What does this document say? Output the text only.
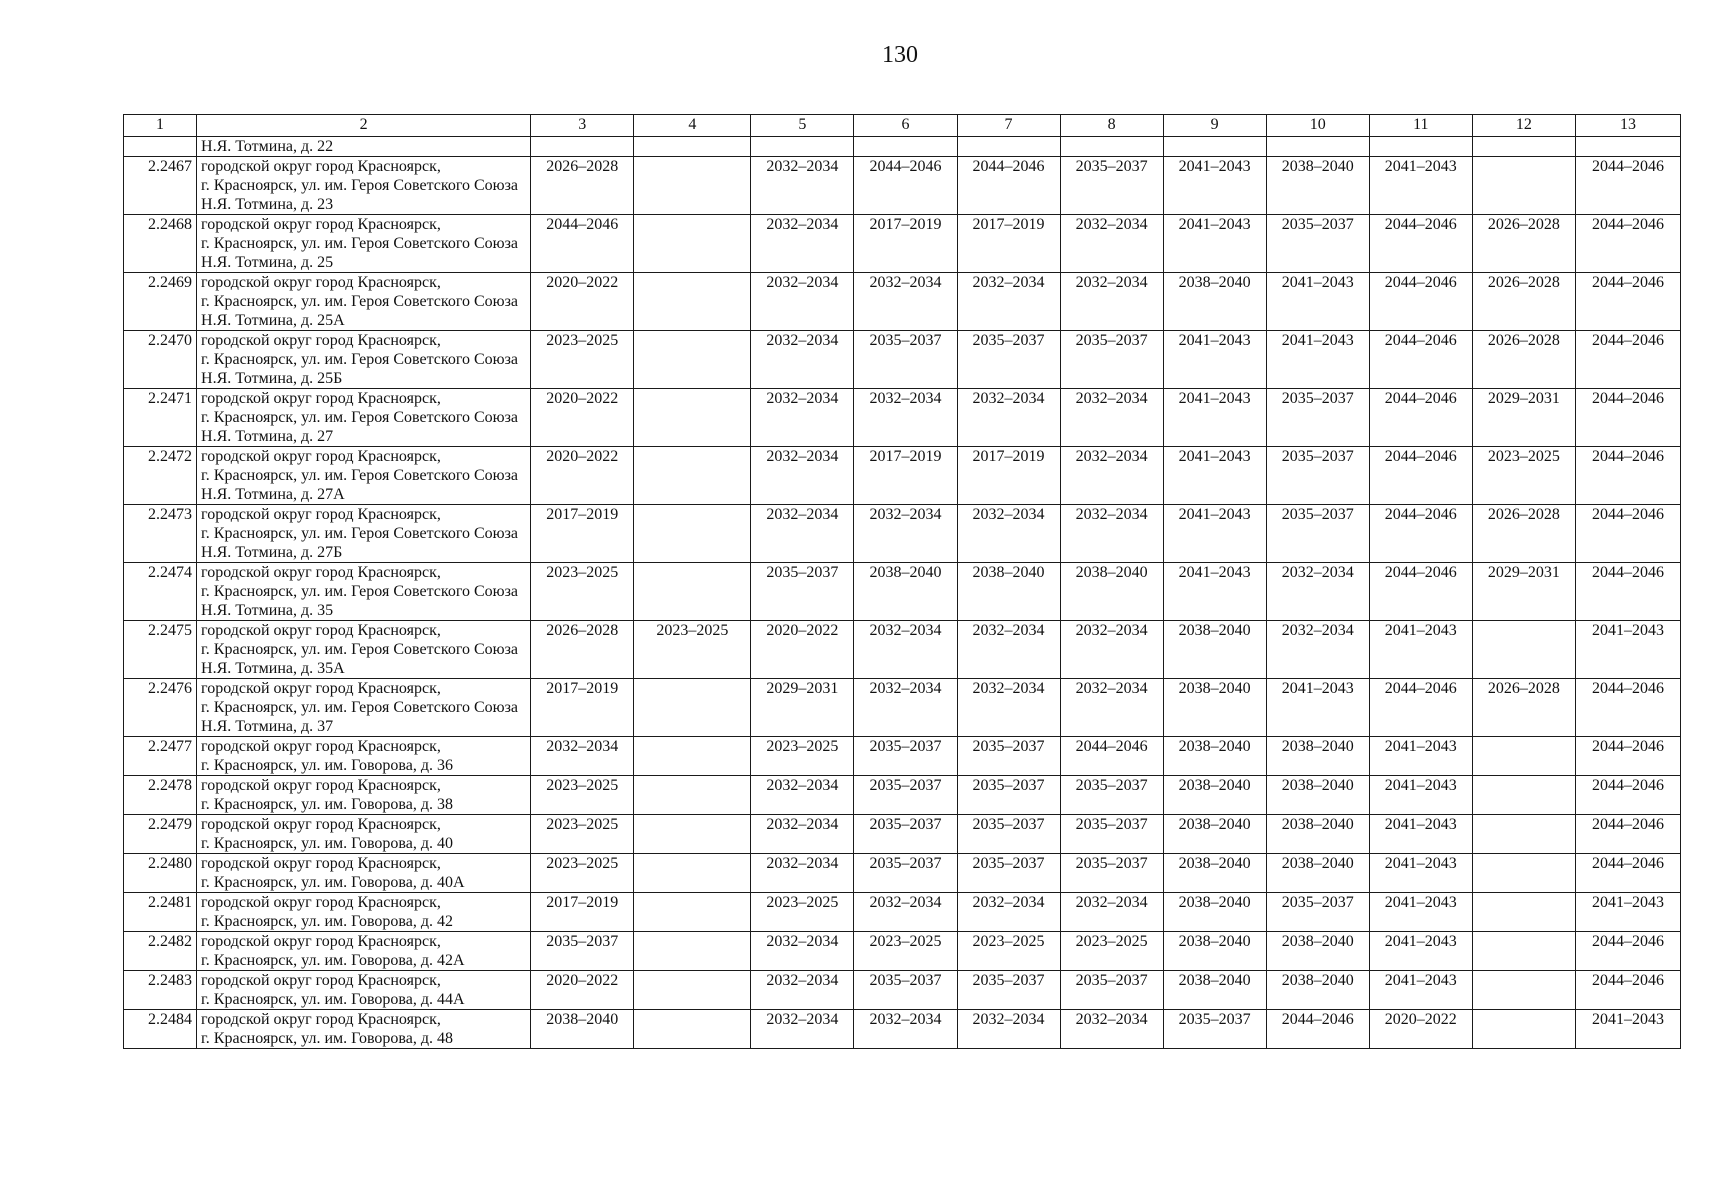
130
1	2	3	4	5	6	7	8	9	10	11	12	13

	Н.Я. Тотмина, д. 22											

2.2467	городской округ город Красноярск,
г. Красноярск, ул. им. Героя Советского Союза
Н.Я. Тотмина, д. 23	2026–2028		2032–2034	2044–2046	2044–2046	2035–2037	2041–2043	2038–2040	2041–2043		2044–2046
2.2468	городской округ город Красноярск,
г. Красноярск, ул. им. Героя Советского Союза
Н.Я. Тотмина, д. 25	2044–2046		2032–2034	2017–2019	2017–2019	2032–2034	2041–2043	2035–2037	2044–2046	2026–2028	2044–2046
2.2469	городской округ город Красноярск,
г. Красноярск, ул. им. Героя Советского Союза
Н.Я. Тотмина, д. 25А	2020–2022		2032–2034	2032–2034	2032–2034	2032–2034	2038–2040	2041–2043	2044–2046	2026–2028	2044–2046
2.2470	городской округ город Красноярск,
г. Красноярск, ул. им. Героя Советского Союза
Н.Я. Тотмина, д. 25Б	2023–2025		2032–2034	2035–2037	2035–2037	2035–2037	2041–2043	2041–2043	2044–2046	2026–2028	2044–2046
2.2471	городской округ город Красноярск,
г. Красноярск, ул. им. Героя Советского Союза
Н.Я. Тотмина, д. 27	2020–2022		2032–2034	2032–2034	2032–2034	2032–2034	2041–2043	2035–2037	2044–2046	2029–2031	2044–2046
2.2472	городской округ город Красноярск,
г. Красноярск, ул. им. Героя Советского Союза
Н.Я. Тотмина, д. 27А	2020–2022		2032–2034	2017–2019	2017–2019	2032–2034	2041–2043	2035–2037	2044–2046	2023–2025	2044–2046
2.2473	городской округ город Красноярск,
г. Красноярск, ул. им. Героя Советского Союза
Н.Я. Тотмина, д. 27Б	2017–2019		2032–2034	2032–2034	2032–2034	2032–2034	2041–2043	2035–2037	2044–2046	2026–2028	2044–2046
2.2474	городской округ город Красноярск,
г. Красноярск, ул. им. Героя Советского Союза
Н.Я. Тотмина, д. 35	2023–2025		2035–2037	2038–2040	2038–2040	2038–2040	2041–2043	2032–2034	2044–2046	2029–2031	2044–2046
2.2475	городской округ город Красноярск,
г. Красноярск, ул. им. Героя Советского Союза
Н.Я. Тотмина, д. 35А	2026–2028	2023–2025	2020–2022	2032–2034	2032–2034	2032–2034	2038–2040	2032–2034	2041–2043		2041–2043
2.2476	городской округ город Красноярск,
г. Красноярск, ул. им. Героя Советского Союза
Н.Я. Тотмина, д. 37	2017–2019		2029–2031	2032–2034	2032–2034	2032–2034	2038–2040	2041–2043	2044–2046	2026–2028	2044–2046
2.2477	городской округ город Красноярск,
г. Красноярск, ул. им. Говорова, д. 36	2032–2034		2023–2025	2035–2037	2035–2037	2044–2046	2038–2040	2038–2040	2041–2043		2044–2046
2.2478	городской округ город Красноярск,
г. Красноярск, ул. им. Говорова, д. 38	2023–2025		2032–2034	2035–2037	2035–2037	2035–2037	2038–2040	2038–2040	2041–2043		2044–2046
2.2479	городской округ город Красноярск,
г. Красноярск, ул. им. Говорова, д. 40	2023–2025		2032–2034	2035–2037	2035–2037	2035–2037	2038–2040	2038–2040	2041–2043		2044–2046
2.2480	городской округ город Красноярск,
г. Красноярск, ул. им. Говорова, д. 40А	2023–2025		2032–2034	2035–2037	2035–2037	2035–2037	2038–2040	2038–2040	2041–2043		2044–2046
2.2481	городской округ город Красноярск,
г. Красноярск, ул. им. Говорова, д. 42	2017–2019		2023–2025	2032–2034	2032–2034	2032–2034	2038–2040	2035–2037	2041–2043		2041–2043
2.2482	городской округ город Красноярск,
г. Красноярск, ул. им. Говорова, д. 42А	2035–2037		2032–2034	2023–2025	2023–2025	2023–2025	2038–2040	2038–2040	2041–2043		2044–2046
2.2483	городской округ город Красноярск,
г. Красноярск, ул. им. Говорова, д. 44А	2020–2022		2032–2034	2035–2037	2035–2037	2035–2037	2038–2040	2038–2040	2041–2043		2044–2046
2.2484	городской округ город Красноярск,
г. Красноярск, ул. им. Говорова, д. 48	2038–2040		2032–2034	2032–2034	2032–2034	2032–2034	2035–2037	2044–2046	2020–2022		2041–2043
